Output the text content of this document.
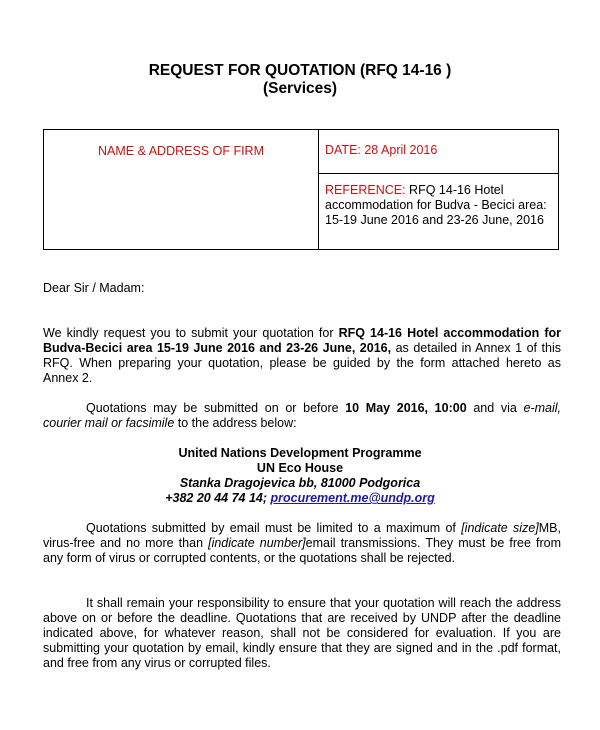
REQUEST FOR QUOTATION (RFQ 14-16 )
(Services)
NAME & ADDRESS OF FIRM	DATE: 28 April 2016
REFERENCE: RFQ 14-16 Hotel accommodation for Budva - Becici area:
15-19 June 2016 and 23-26 June, 2016
Dear Sir / Madam:
We kindly request you to submit your quotation for RFQ 14-16 Hotel accommodation for Budva-Becici area 15-19 June 2016 and 23-26 June, 2016, as detailed in Annex 1 of this RFQ. When preparing your quotation, please be guided by the form attached hereto as Annex 2.
Quotations may be submitted on or before 10 May 2016, 10:00 and via e-mail, courier mail or facsimile to the address below:
United Nations Development Programme
UN Eco House
Stanka Dragojevica bb, 81000 Podgorica
+382 20 44 74 14; procurement.me@undp.org
Quotations submitted by email must be limited to a maximum of [indicate size]MB, virus-free and no more than [indicate number]email transmissions. They must be free from any form of virus or corrupted contents, or the quotations shall be rejected.
It shall remain your responsibility to ensure that your quotation will reach the address above on or before the deadline. Quotations that are received by UNDP after the deadline indicated above, for whatever reason, shall not be considered for evaluation. If you are submitting your quotation by email, kindly ensure that they are signed and in the .pdf format, and free from any virus or corrupted files.
